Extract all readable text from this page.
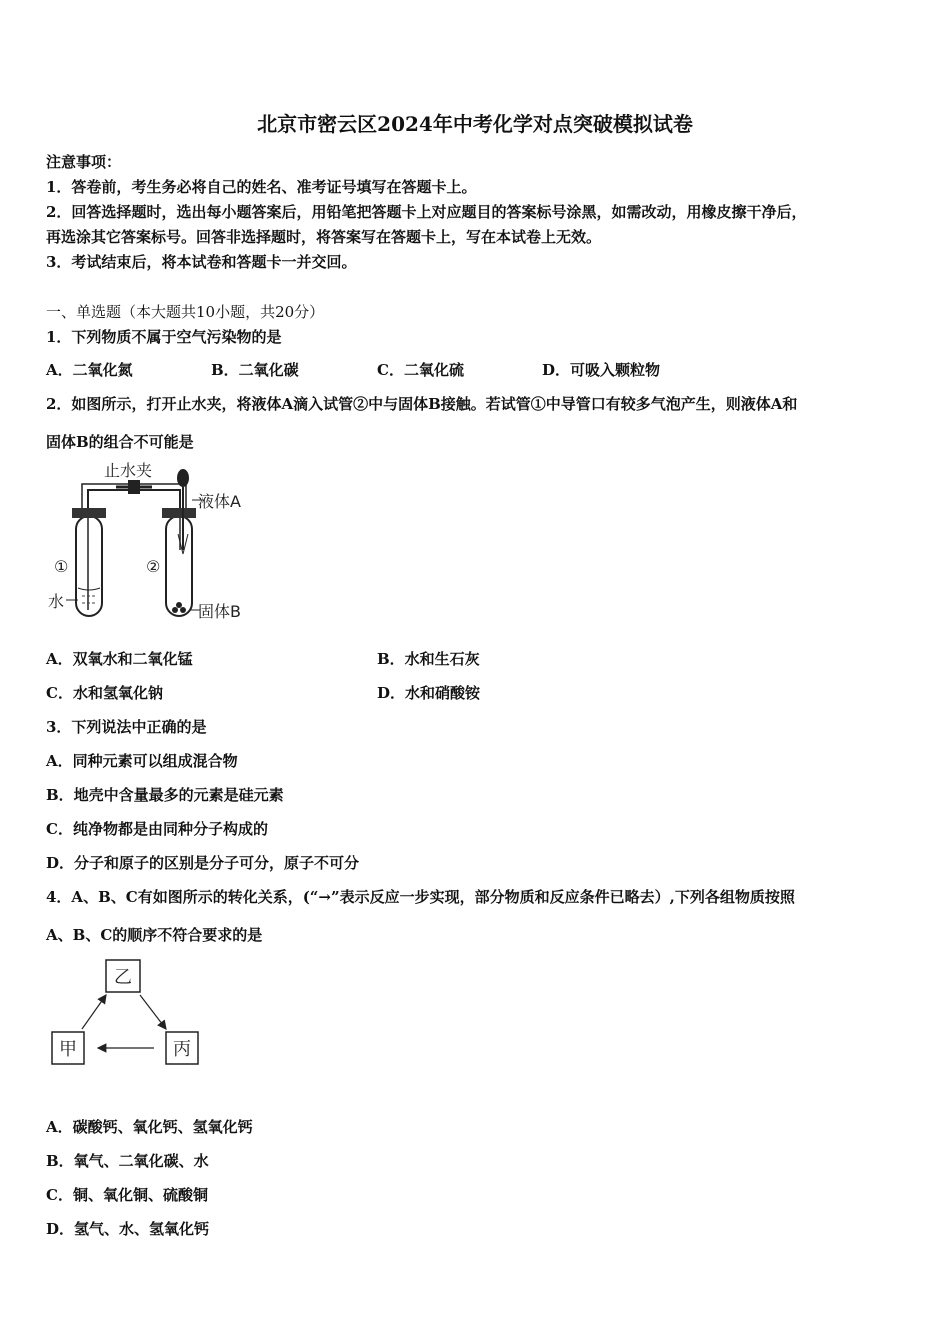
北京市密云区2024年中考化学对点突破模拟试卷
注意事项：
1．答卷前，考生务必将自己的姓名、准考证号填写在答题卡上。
2．回答选择题时，选出每小题答案后，用铅笔把答题卡上对应题目的答案标号涂黑，如需改动，用橡皮擦干净后，
再选涂其它答案标号。回答非选择题时，将答案写在答题卡上，写在本试卷上无效。
3．考试结束后，将本试卷和答题卡一并交回。
一、单选题（本大题共10小题，共20分）
1．下列物质不属于空气污染物的是
A．二氧化氮	B．二氧化碳	C．二氧化硫	D．可吸入颗粒物
2．如图所示，打开止水夹，将液体A滴入试管②中与固体B接触。若试管①中导管口有较多气泡产生，则液体A和
固体B的组合不可能是
止水夹
①
水
液体A
②
固体B
A．双氧水和二氧化锰	B．水和生石灰
C．水和氢氧化钠	D．水和硝酸铵
3．下列说法中正确的是
A．同种元素可以组成混合物
B．地壳中含量最多的元素是硅元素
C．纯净物都是由同种分子构成的
D．分子和原子的区别是分子可分，原子不可分
4．A、B、C有如图所示的转化关系，(“→”表示反应一步实现，部分物质和反应条件已略去）,下列各组物质按照
A、B、C的顺序不符合要求的是
乙
甲	丙
A．碳酸钙、氧化钙、氢氧化钙
B．氧气、二氧化碳、水
C．铜、氧化铜、硫酸铜
D．氢气、水、氢氧化钙
